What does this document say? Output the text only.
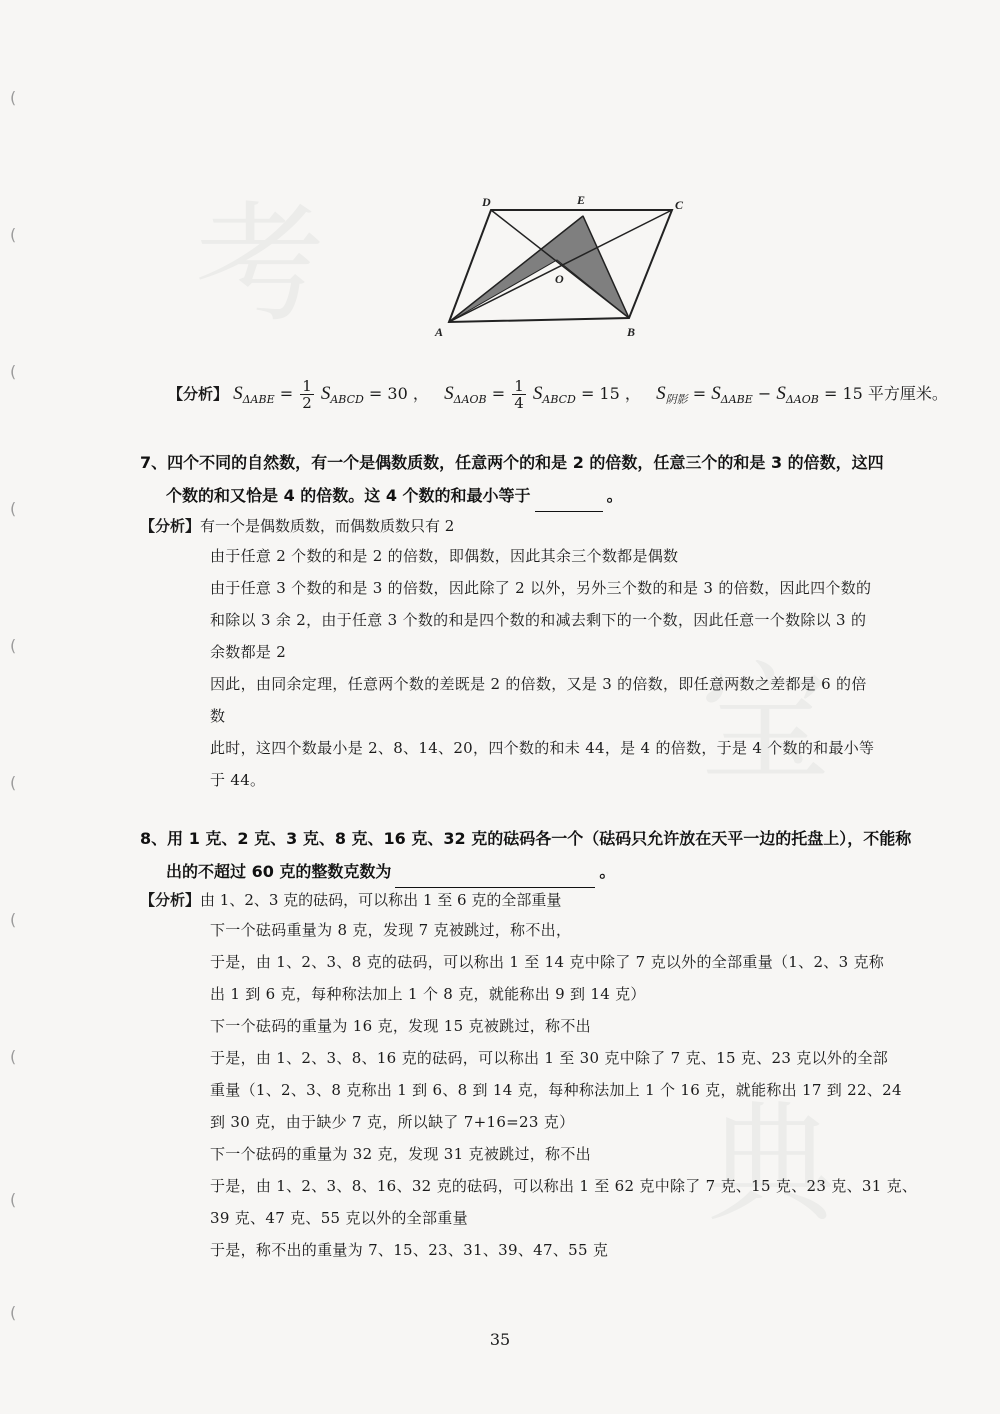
(
(
(
(
(
(
(
(
(
(
考
宝
典
D	E	C
O
A	B
【分析】 $S_{\Delta ABE} = \frac{1}{2} S_{ABCD} = 30$ ， $S_{\Delta AOB} = \frac{1}{4} S_{ABCD} = 15$ ， $S_{阴影} = S_{\Delta ABE} - S_{\Delta AOB} = 15$ 平方厘米。
7、四个不同的自然数，有一个是偶数质数，任意两个的和是 2 的倍数，任意三个的和是 3 的倍数，这四
个数的和又恰是 4 的倍数。这 4 个数的和最小等于	。
【分析】有一个是偶数质数，而偶数质数只有 2
由于任意 2 个数的和是 2 的倍数，即偶数，因此其余三个数都是偶数
由于任意 3 个数的和是 3 的倍数，因此除了 2 以外，另外三个数的和是 3 的倍数，因此四个数的
和除以 3 余 2，由于任意 3 个数的和是四个数的和减去剩下的一个数，因此任意一个数除以 3 的
余数都是 2
因此，由同余定理，任意两个数的差既是 2 的倍数，又是 3 的倍数，即任意两数之差都是 6 的倍
数
此时，这四个数最小是 2、8、14、20，四个数的和未 44，是 4 的倍数，于是 4 个数的和最小等
于 44。
8、用 1 克、2 克、3 克、8 克、16 克、32 克的砝码各一个（砝码只允许放在天平一边的托盘上），不能称
出的不超过 60 克的整数克数为	。
【分析】由 1、2、3 克的砝码，可以称出 1 至 6 克的全部重量
下一个砝码重量为 8 克，发现 7 克被跳过，称不出，
于是，由 1、2、3、8 克的砝码，可以称出 1 至 14 克中除了 7 克以外的全部重量（1、2、3 克称
出 1 到 6 克，每种称法加上 1 个 8 克，就能称出 9 到 14 克）
下一个砝码的重量为 16 克，发现 15 克被跳过，称不出
于是，由 1、2、3、8、16 克的砝码，可以称出 1 至 30 克中除了 7 克、15 克、23 克以外的全部
重量（1、2、3、8 克称出 1 到 6、8 到 14 克，每种称法加上 1 个 16 克，就能称出 17 到 22、24
到 30 克，由于缺少 7 克，所以缺了 7+16=23 克）
下一个砝码的重量为 32 克，发现 31 克被跳过，称不出
于是，由 1、2、3、8、16、32 克的砝码，可以称出 1 至 62 克中除了 7 克、15 克、23 克、31 克、
39 克、47 克、55 克以外的全部重量
于是，称不出的重量为 7、15、23、31、39、47、55 克
35
